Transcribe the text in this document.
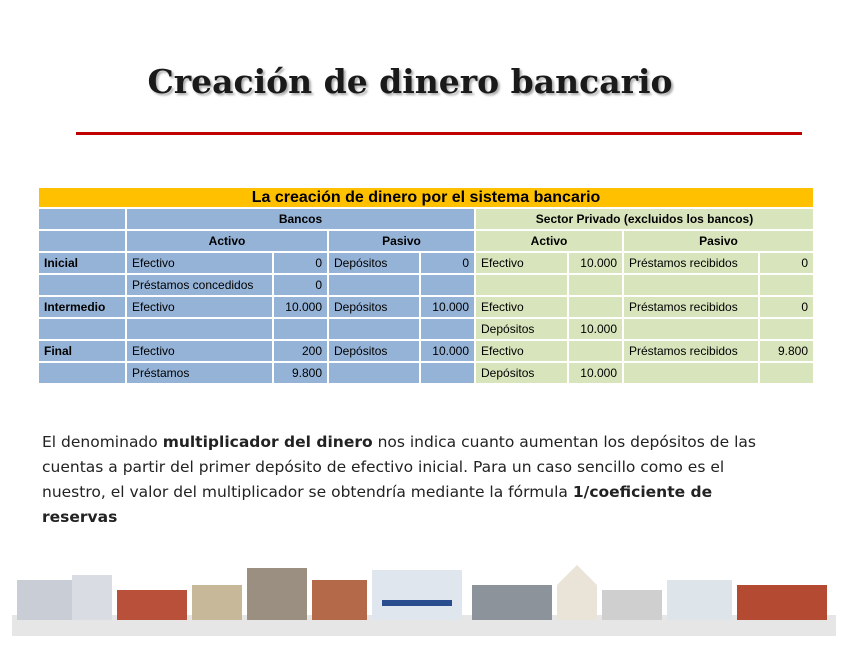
Creación de dinero bancario
La creación de dinero por el sistema bancario								
	Bancos				Sector Privado (excluidos los bancos)			
	Activo		Pasivo		Activo		Pasivo	
Inicial	Efectivo	0	Depósitos	0	Efectivo	10.000	Préstamos recibidos	0
	Préstamos concedidos	0						
Intermedio	Efectivo	10.000	Depósitos	10.000	Efectivo		Préstamos recibidos	0
					Depósitos	10.000		
Final	Efectivo	200	Depósitos	10.000	Efectivo		Préstamos recibidos	9.800
	Préstamos	9.800			Depósitos	10.000		
El denominado multiplicador del dinero nos indica cuanto aumentan los depósitos de las cuentas a partir del primer depósito de efectivo inicial. Para un caso sencillo como es el nuestro, el valor del multiplicador se obtendría mediante la fórmula 1/coeficiente de reservas
